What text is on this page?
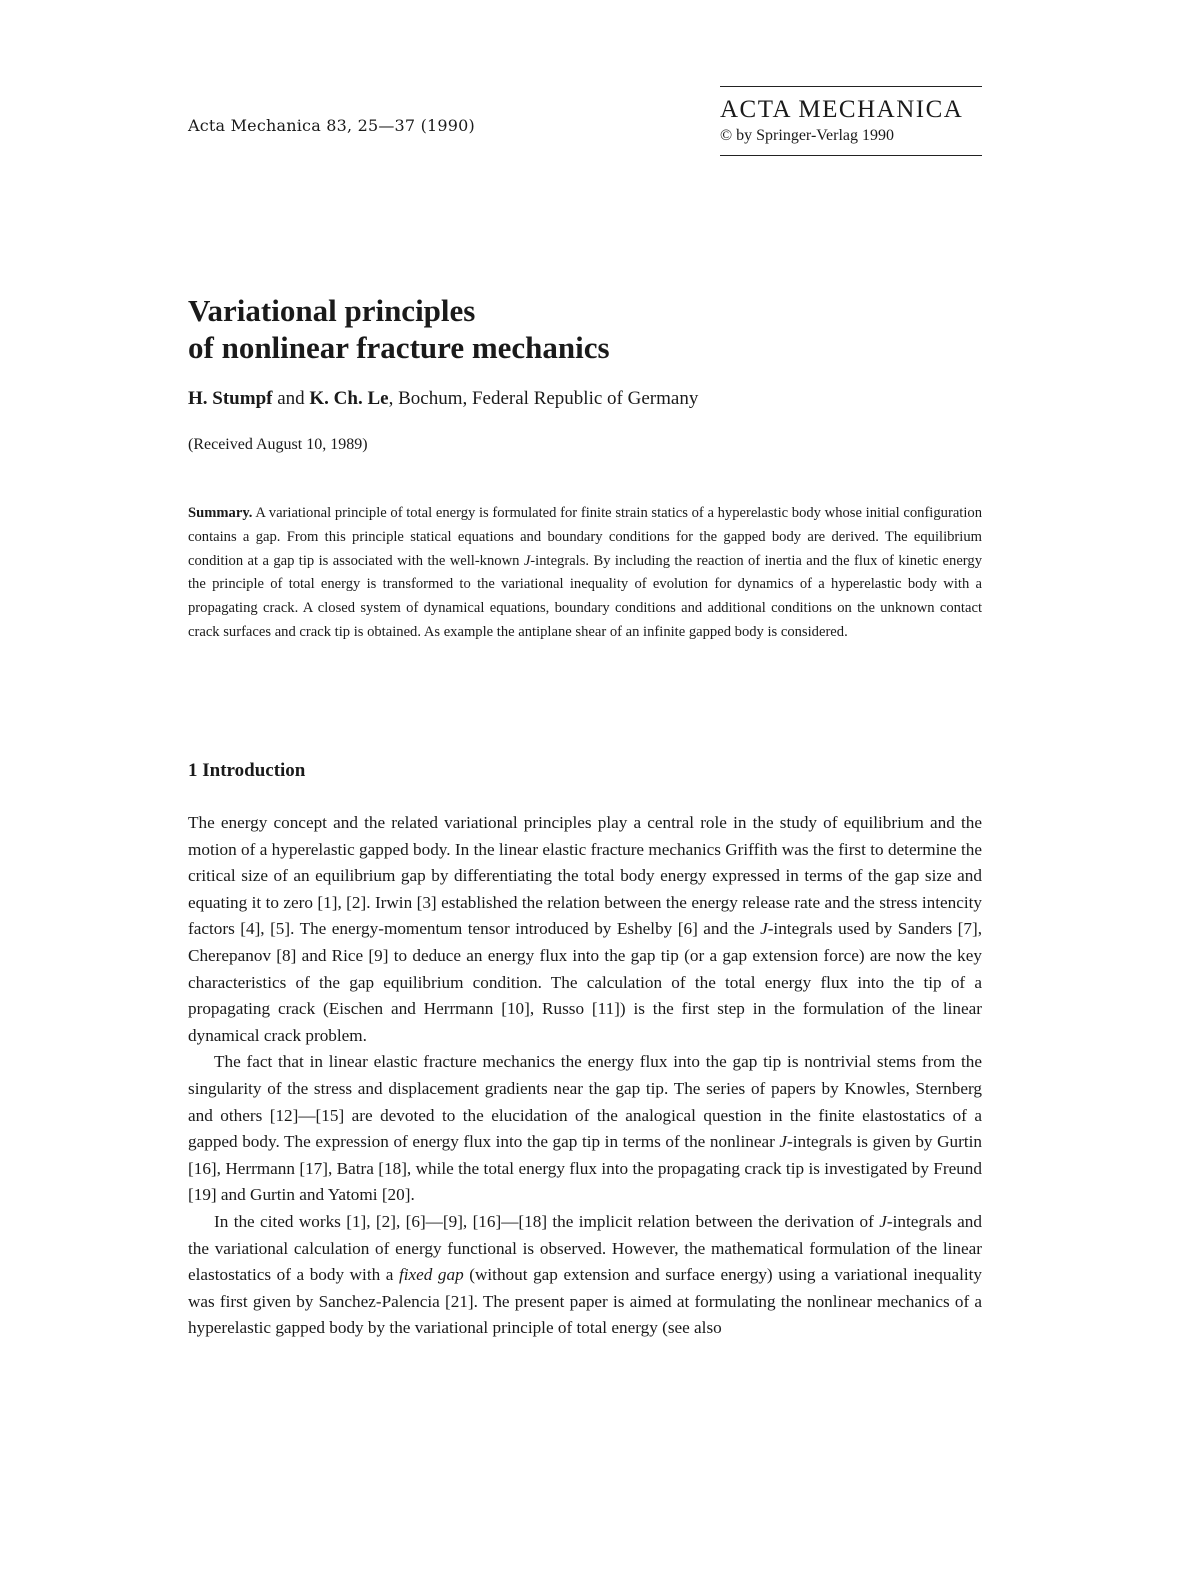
Acta Mechanica 83, 25—37 (1990)
ACTA MECHANICA
© by Springer-Verlag 1990
Variational principles
of nonlinear fracture mechanics
H. Stumpf and K. Ch. Le, Bochum, Federal Republic of Germany
(Received August 10, 1989)

Summary. A variational principle of total energy is formulated for finite strain statics of a hyperelastic body whose initial configuration contains a gap. From this principle statical equations and boundary conditions for the gapped body are derived. The equilibrium condition at a gap tip is associated with the well-known J-integrals. By including the reaction of inertia and the flux of kinetic energy the principle of total energy is transformed to the variational inequality of evolution for dynamics of a hyperelastic body with a propagating crack. A closed system of dynamical equations, boundary conditions and additional conditions on the unknown contact crack surfaces and crack tip is obtained. As example the antiplane shear of an infinite gapped body is considered.

1 Introduction

The energy concept and the related variational principles play a central role in the study of equilibrium and the motion of a hyperelastic gapped body. In the linear elastic fracture mechanics Griffith was the first to determine the critical size of an equilibrium gap by differentiating the total body energy expressed in terms of the gap size and equating it to zero [1], [2]. Irwin [3] established the relation between the energy release rate and the stress intencity factors [4], [5]. The energy-momentum tensor introduced by Eshelby [6] and the J-integrals used by Sanders [7], Cherepanov [8] and Rice [9] to deduce an energy flux into the gap tip (or a gap extension force) are now the key characteristics of the gap equilibrium condition. The calculation of the total energy flux into the tip of a propagating crack (Eischen and Herrmann [10], Russo [11]) is the first step in the formulation of the linear dynamical crack problem.

The fact that in linear elastic fracture mechanics the energy flux into the gap tip is nontrivial stems from the singularity of the stress and displacement gradients near the gap tip. The series of papers by Knowles, Sternberg and others [12]—[15] are devoted to the elucidation of the analogical question in the finite elastostatics of a gapped body. The expression of energy flux into the gap tip in terms of the nonlinear J-integrals is given by Gurtin [16], Herrmann [17], Batra [18], while the total energy flux into the propagating crack tip is investigated by Freund [19] and Gurtin and Yatomi [20].

In the cited works [1], [2], [6]—[9], [16]—[18] the implicit relation between the derivation of J-integrals and the variational calculation of energy functional is observed. However, the mathematical formulation of the linear elastostatics of a body with a fixed gap (without gap extension and surface energy) using a variational inequality was first given by Sanchez-Palencia [21]. The present paper is aimed at formulating the nonlinear mechanics of a hyperelastic gapped body by the variational principle of total energy (see also
